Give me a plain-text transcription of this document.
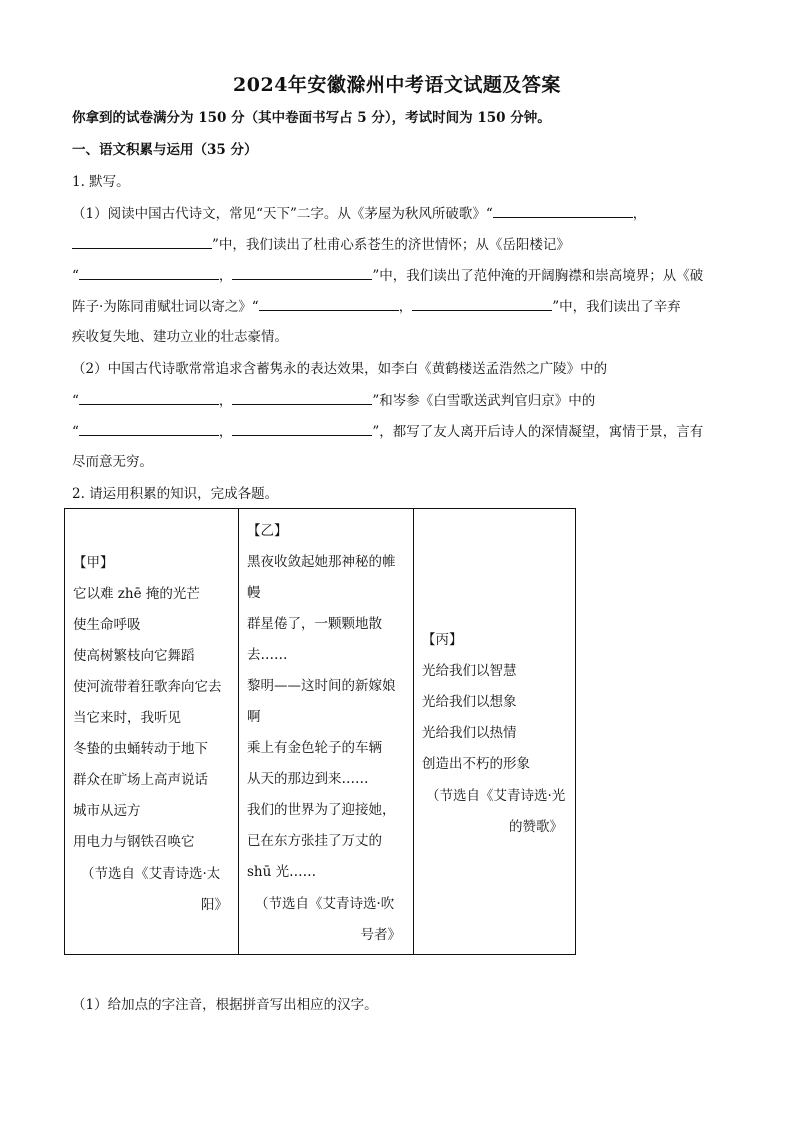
2024年安徽滁州中考语文试题及答案
你拿到的试卷满分为 150 分（其中卷面书写占 5 分），考试时间为 150 分钟。
一、语文积累与运用（35 分）
1. 默写。
（1）阅读中国古代诗文，常见“天下”二字。从《茅屋为秋风所破歌》“	，
”中，我们读出了杜甫心系苍生的济世情怀；从《岳阳楼记》
“	，	”中，我们读出了范仲淹的开阔胸襟和崇高境界；从《破
阵子·为陈同甫赋壮词以寄之》“	，	”中，我们读出了辛弃
疾收复失地、建功立业的壮志豪情。
（2）中国古代诗歌常常追求含蓄隽永的表达效果，如李白《黄鹤楼送孟浩然之广陵》中的
“	，	”和岑参《白雪歌送武判官归京》中的
“	，	”，都写了友人离开后诗人的深情凝望，寓情于景，言有
尽而意无穷。
2. 请运用积累的知识，完成各题。
【甲】
它以难 zhē 掩的光芒
使生命呼吸
使高树繁枝向它舞蹈
使河流带着狂歌奔向它去
当它来时，我听见
冬蛰的虫蛹转动于地下
群众在旷场上高声说话
城市从远方
用电力与钢铁召唤它
（节选自《艾青诗选·太
阳》
【乙】
黑夜收敛起她那神秘的帷
幔
群星倦了，一颗颗地散
去……
黎明——这时间的新嫁娘
啊
乘上有金色轮子的车辆
从天的那边到来……
我们的世界为了迎接她，
已在东方张挂了万丈的
shū 光……
（节选自《艾青诗选·吹
号者》
【丙】
光给我们以智慧
光给我们以想象
光给我们以热情
创造出不朽的形象
（节选自《艾青诗选·光
的赞歌》
（1）给加点的字注音，根据拼音写出相应的汉字。
